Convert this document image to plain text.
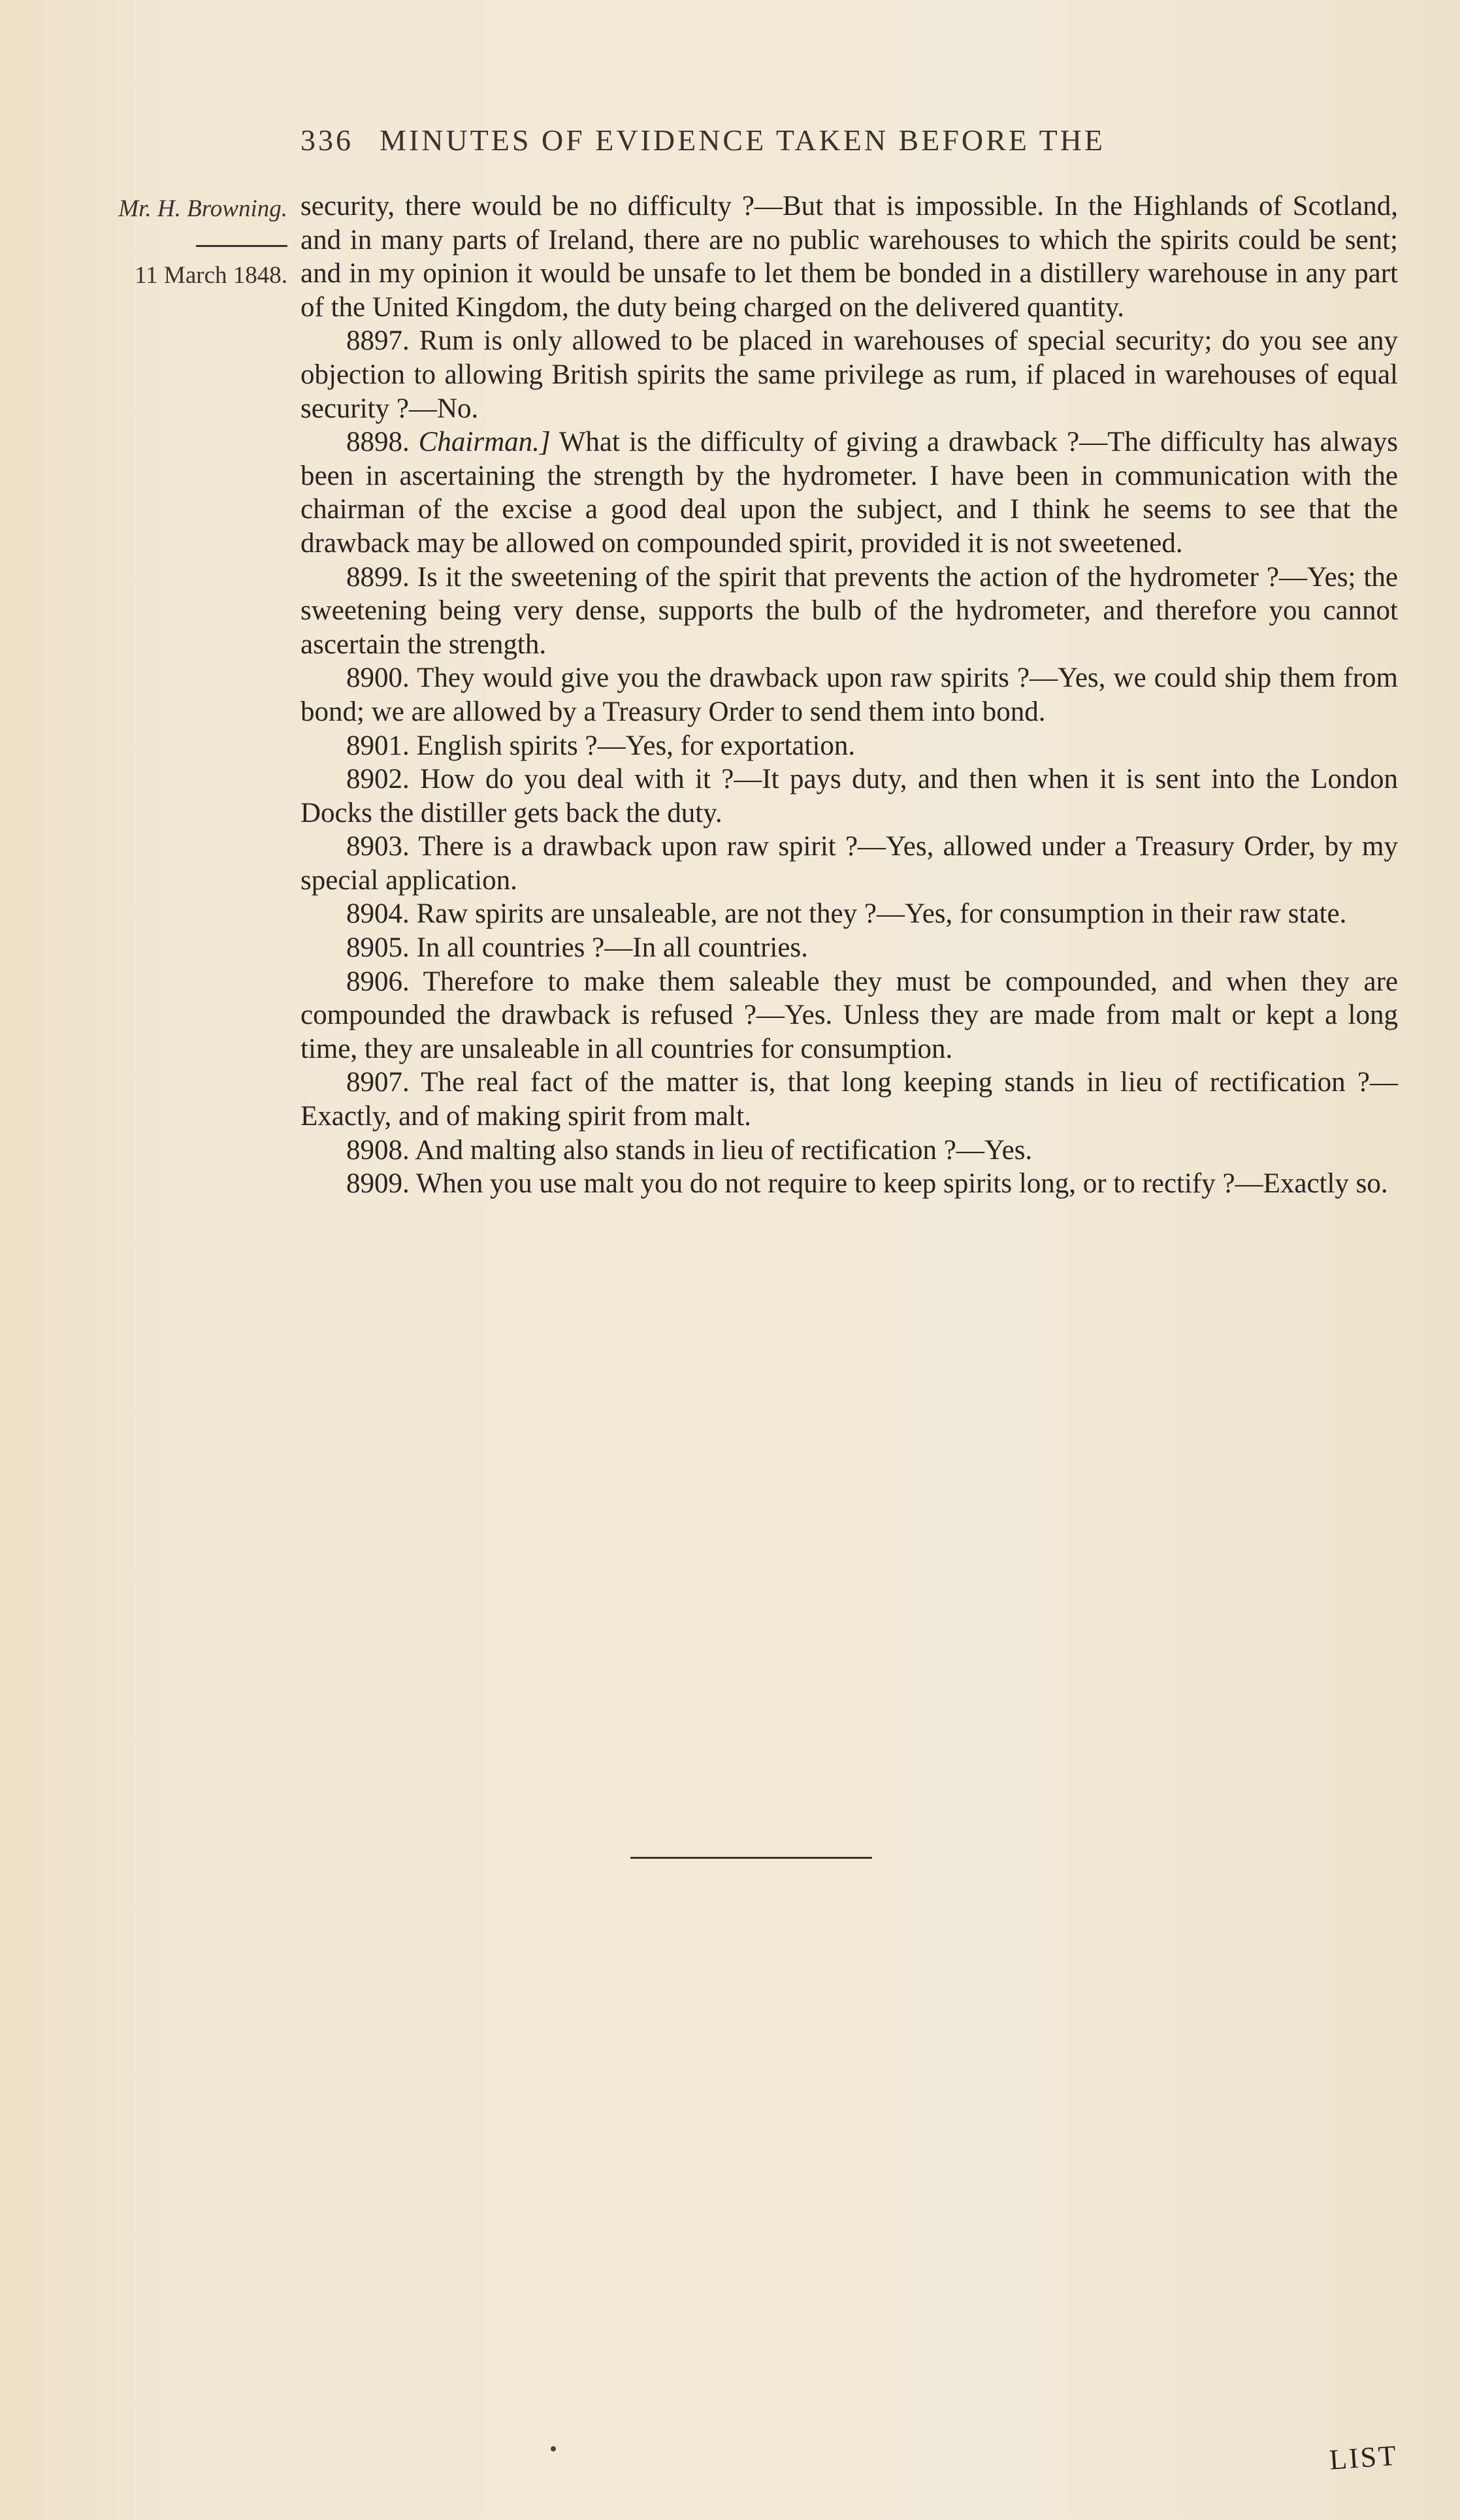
336 MINUTES OF EVIDENCE TAKEN BEFORE THE
Mr. H. Browning.
11 March 1848.

security, there would be no difficulty ?—But that is impossible. In the Highlands of Scotland, and in many parts of Ireland, there are no public warehouses to which the spirits could be sent; and in my opinion it would be unsafe to let them be bonded in a distillery warehouse in any part of the United Kingdom, the duty being charged on the delivered quantity.

8897. Rum is only allowed to be placed in warehouses of special security; do you see any objection to allowing British spirits the same privilege as rum, if placed in warehouses of equal security ?—No.

8898. Chairman.] What is the difficulty of giving a drawback ?—The difficulty has always been in ascertaining the strength by the hydrometer. I have been in communication with the chairman of the excise a good deal upon the subject, and I think he seems to see that the drawback may be allowed on compounded spirit, provided it is not sweetened.

8899. Is it the sweetening of the spirit that prevents the action of the hydrometer ?—Yes; the sweetening being very dense, supports the bulb of the hydrometer, and therefore you cannot ascertain the strength.

8900. They would give you the drawback upon raw spirits ?—Yes, we could ship them from bond; we are allowed by a Treasury Order to send them into bond.

8901. English spirits ?—Yes, for exportation.

8902. How do you deal with it ?—It pays duty, and then when it is sent into the London Docks the distiller gets back the duty.

8903. There is a drawback upon raw spirit ?—Yes, allowed under a Treasury Order, by my special application.

8904. Raw spirits are unsaleable, are not they ?—Yes, for consumption in their raw state.

8905. In all countries ?—In all countries.

8906. Therefore to make them saleable they must be compounded, and when they are compounded the drawback is refused ?—Yes. Unless they are made from malt or kept a long time, they are unsaleable in all countries for consumption.

8907. The real fact of the matter is, that long keeping stands in lieu of rectification ?—Exactly, and of making spirit from malt.

8908. And malting also stands in lieu of rectification ?—Yes.

8909. When you use malt you do not require to keep spirits long, or to rectify ?—Exactly so.

LIST
